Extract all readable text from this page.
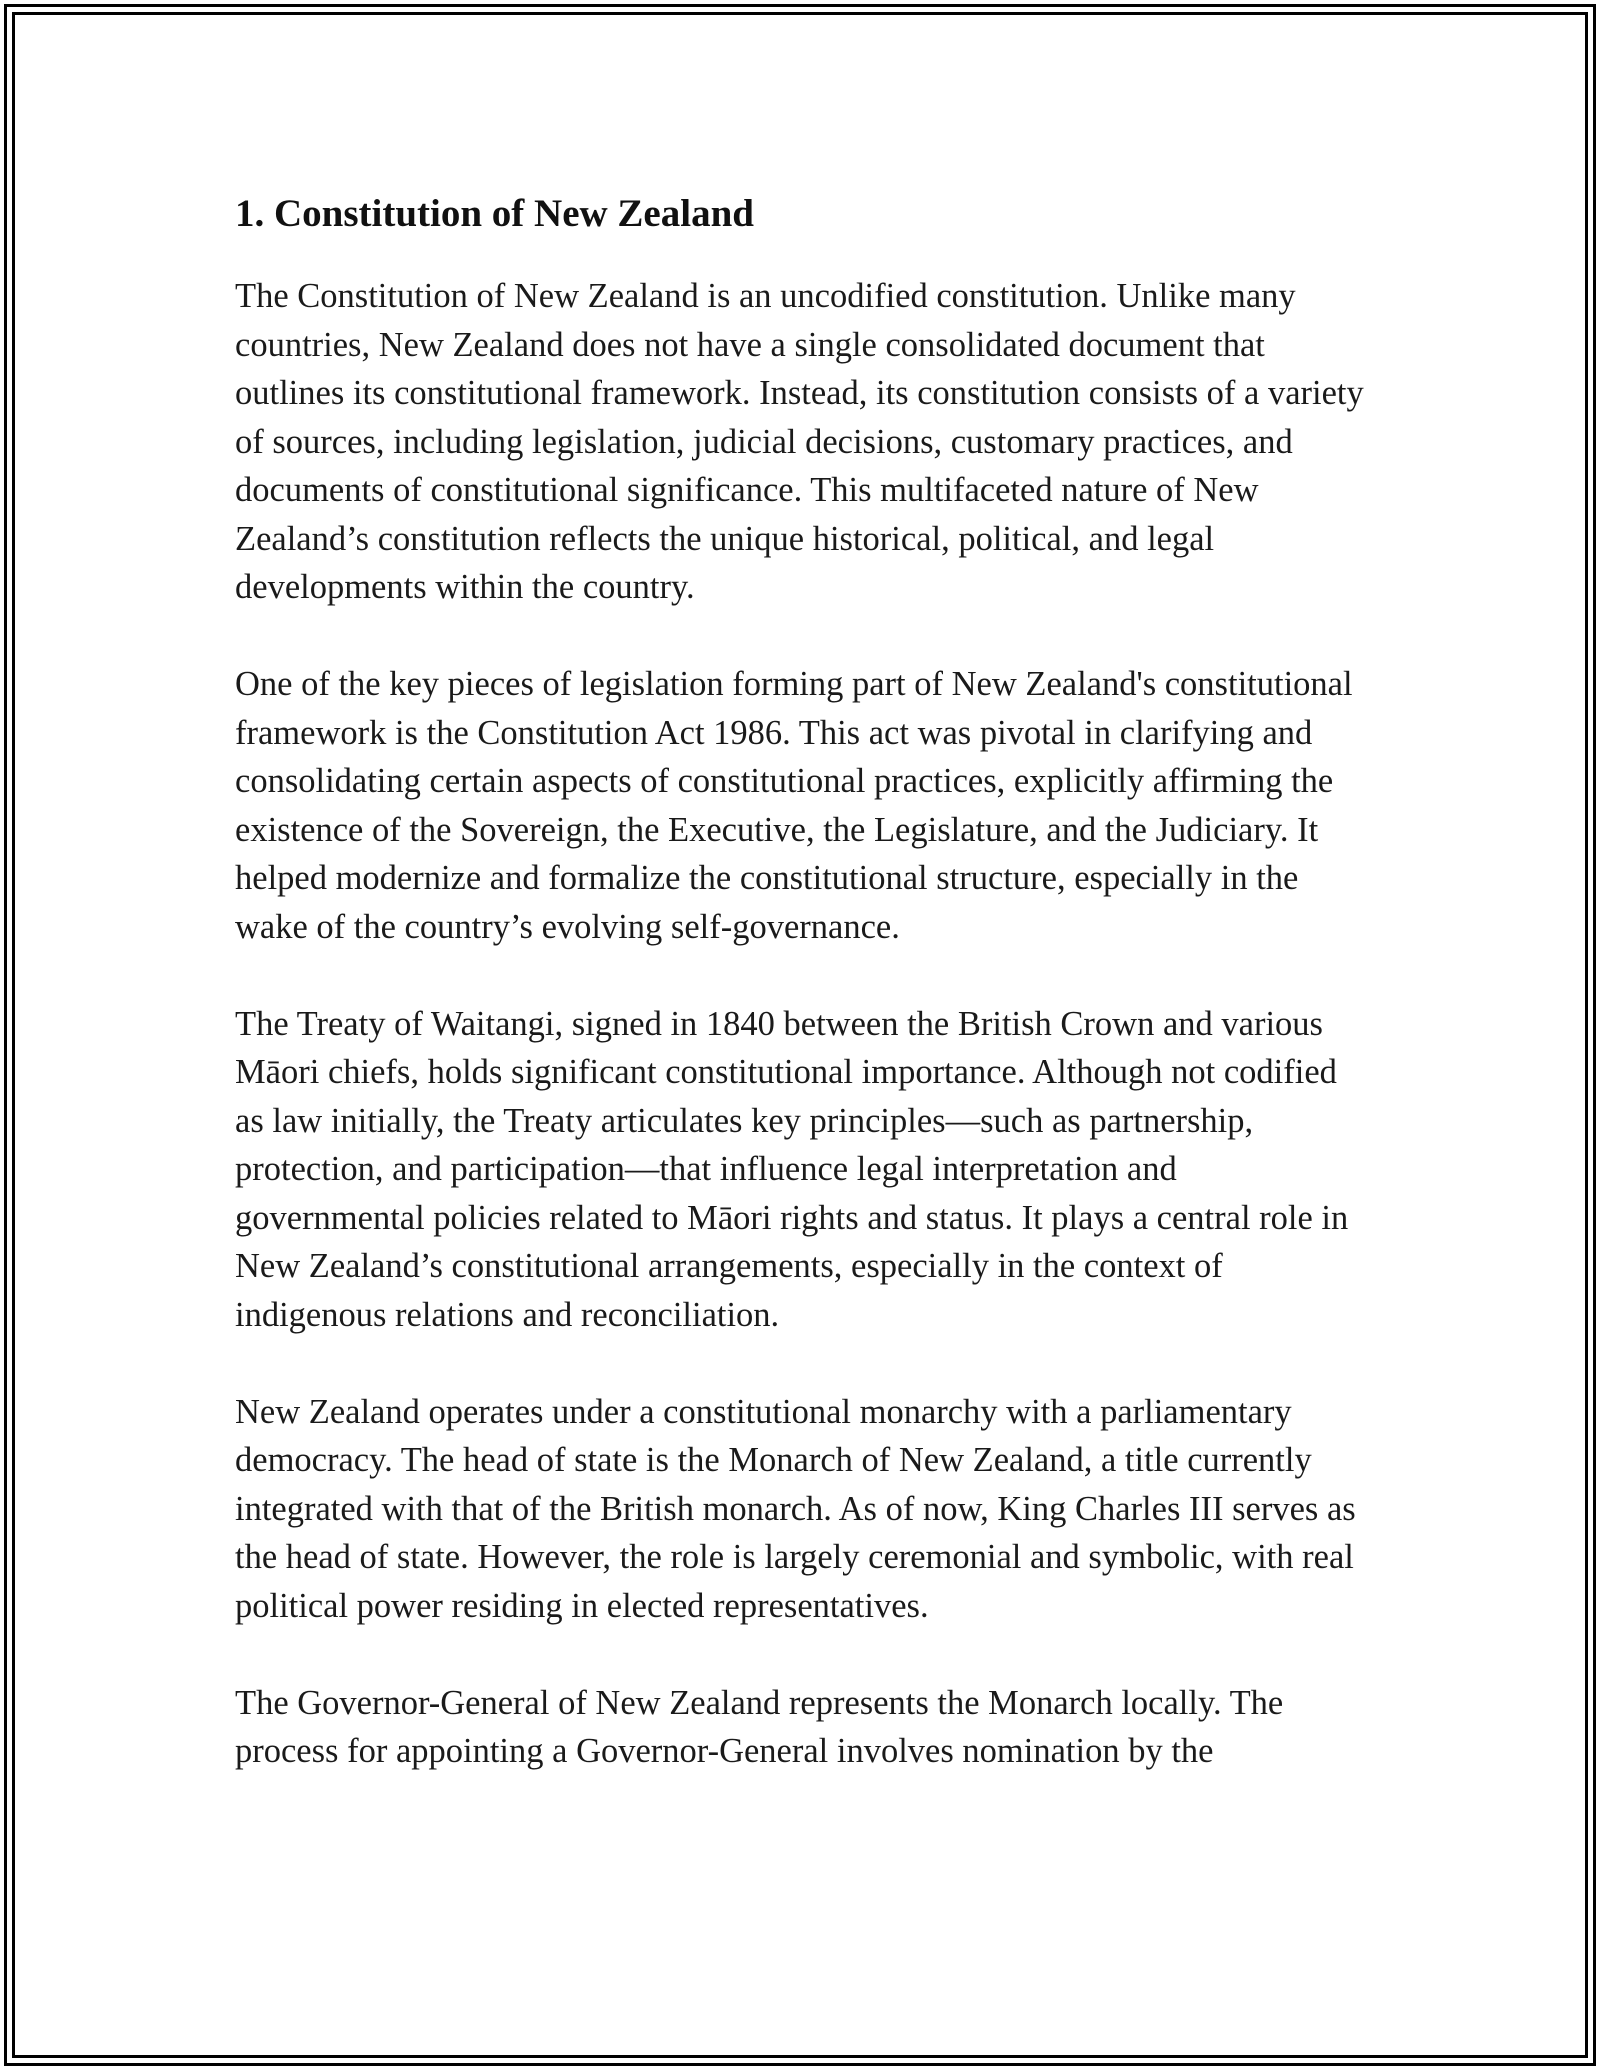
1. Constitution of New Zealand

The Constitution of New Zealand is an uncodified constitution. Unlike many countries, New Zealand does not have a single consolidated document that outlines its constitutional framework. Instead, its constitution consists of a variety of sources, including legislation, judicial decisions, customary practices, and documents of constitutional significance. This multifaceted nature of New Zealand’s constitution reflects the unique historical, political, and legal developments within the country.

One of the key pieces of legislation forming part of New Zealand's constitutional framework is the Constitution Act 1986. This act was pivotal in clarifying and consolidating certain aspects of constitutional practices, explicitly affirming the existence of the Sovereign, the Executive, the Legislature, and the Judiciary. It helped modernize and formalize the constitutional structure, especially in the wake of the country’s evolving self-governance.

The Treaty of Waitangi, signed in 1840 between the British Crown and various Māori chiefs, holds significant constitutional importance. Although not codified as law initially, the Treaty articulates key principles—such as partnership, protection, and participation—that influence legal interpretation and governmental policies related to Māori rights and status. It plays a central role in New Zealand’s constitutional arrangements, especially in the context of indigenous relations and reconciliation.

New Zealand operates under a constitutional monarchy with a parliamentary democracy. The head of state is the Monarch of New Zealand, a title currently integrated with that of the British monarch. As of now, King Charles III serves as the head of state. However, the role is largely ceremonial and symbolic, with real political power residing in elected representatives.

The Governor-General of New Zealand represents the Monarch locally. The process for appointing a Governor-General involves nomination by the
